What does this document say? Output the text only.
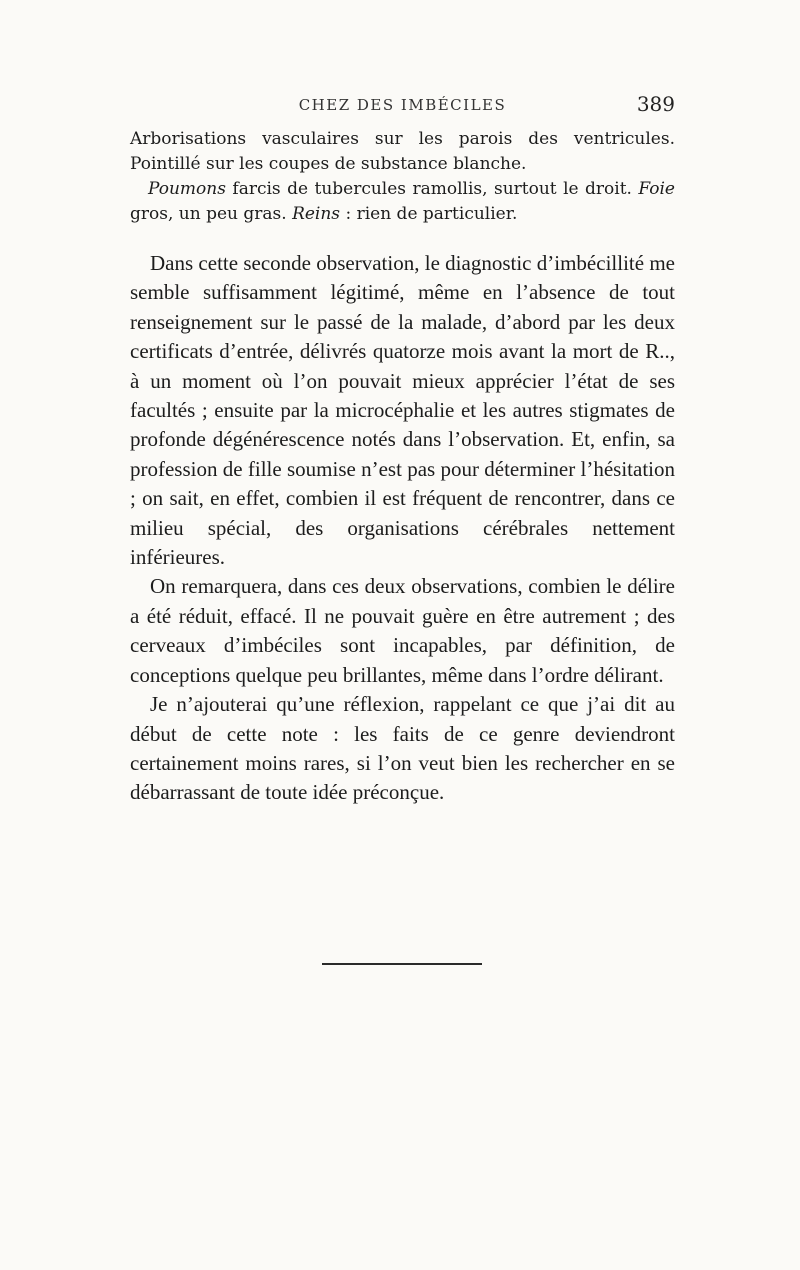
CHEZ DES IMBÉCILES	389

Arborisations vasculaires sur les parois des ventricules. Pointillé sur les coupes de substance blanche.

Poumons farcis de tubercules ramollis, surtout le droit. Foie gros, un peu gras. Reins : rien de particulier.

Dans cette seconde observation, le diagnostic d’imbécillité me semble suffisamment légitimé, même en l’absence de tout renseignement sur le passé de la malade, d’abord par les deux certificats d’entrée, délivrés quatorze mois avant la mort de R.., à un moment où l’on pouvait mieux apprécier l’état de ses facultés ; ensuite par la microcéphalie et les autres stigmates de profonde dégénérescence notés dans l’observation. Et, enfin, sa profession de fille soumise n’est pas pour déterminer l’hésitation ; on sait, en effet, combien il est fréquent de rencontrer, dans ce milieu spécial, des organisations cérébrales nettement inférieures.

On remarquera, dans ces deux observations, combien le délire a été réduit, effacé. Il ne pouvait guère en être autrement ; des cerveaux d’imbéciles sont incapables, par définition, de conceptions quelque peu brillantes, même dans l’ordre délirant.

Je n’ajouterai qu’une réflexion, rappelant ce que j’ai dit au début de cette note : les faits de ce genre deviendront certainement moins rares, si l’on veut bien les rechercher en se débarrassant de toute idée préconçue.
